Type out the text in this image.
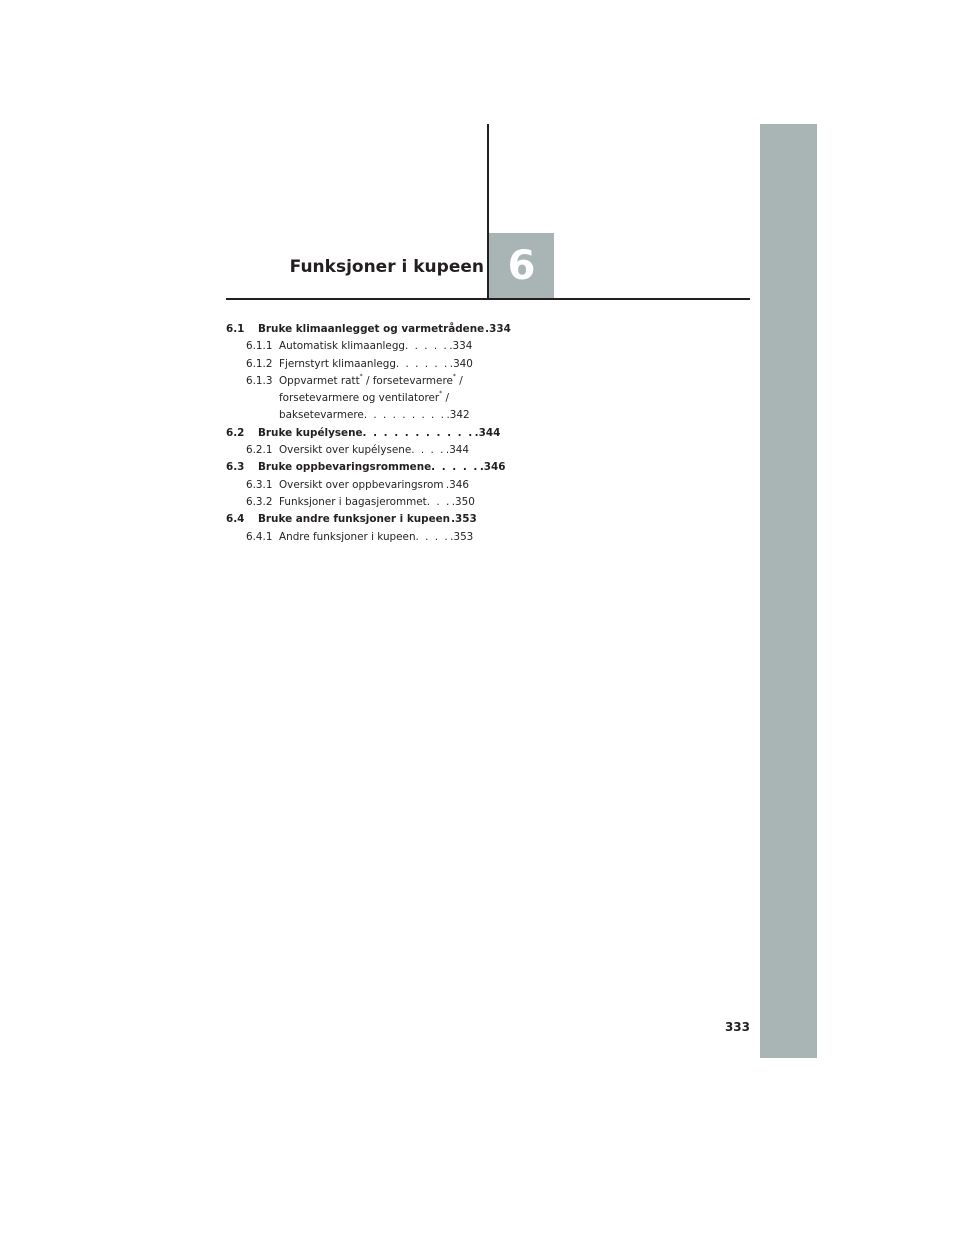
Funksjoner i kupeen 6
6.1	Bruke klimaanlegget og varmetrådene .334
6.1.1 Automatisk klimaanlegg . . . . . .334
6.1.2 Fjernstyrt klimaanlegg . . . . . . .340
6.1.3 Oppvarmet ratt* / forsetevarmere* /
forsetevarmere og ventilatorer* /
baksetevarmere . . . . . . . . . .342
6.2	Bruke kupélysene . . . . . . . . . . . .344
6.2.1 Oversikt over kupélysene . . . . .344
6.3	Bruke oppbevaringsrommene . . . . . .346
6.3.1 Oversikt over oppbevaringsrom .346
6.3.2 Funksjoner i bagasjerommet . . . .350
6.4	Bruke andre funksjoner i kupeen .353
6.4.1 Andre funksjoner i kupeen . . . . .353
333
